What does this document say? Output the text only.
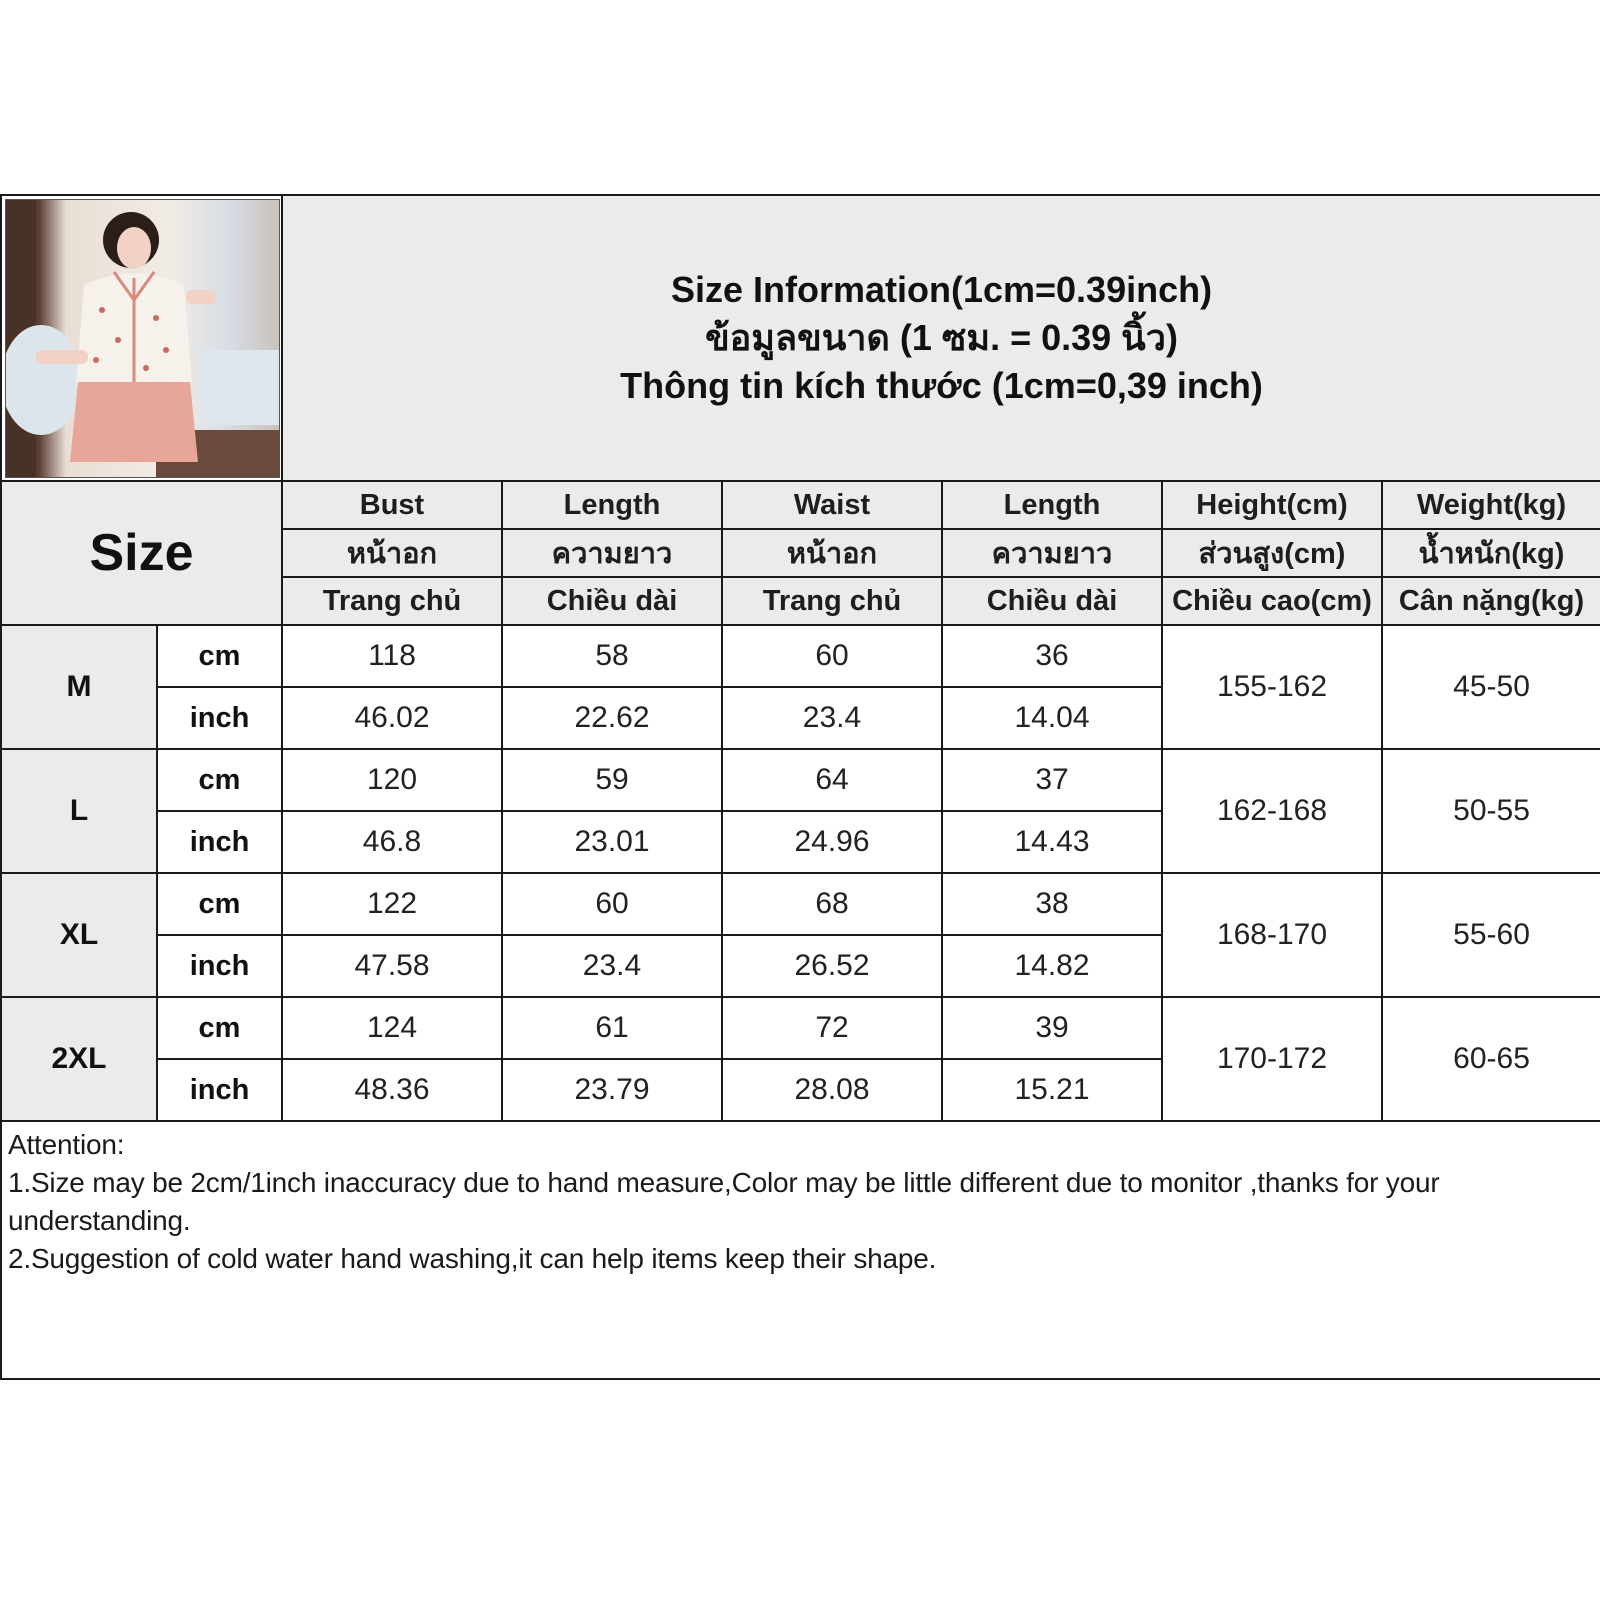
Size Information(1cm=0.39inch)
ข้อมูลขนาด (1 ซม. = 0.39 นิ้ว)
Thông tin kích thước (1cm=0,39 inch)					

Size		Bust	Length	Waist	Length	Height(cm)	Weight(kg)
		หน้าอก	ความยาว	หน้าอก	ความยาว	ส่วนสูง(cm)	น้ำหนัก(kg)
		Trang chủ	Chiều dài	Trang chủ	Chiều dài	Chiều cao(cm)	Cân nặng(kg)
M	cm	118	58	60	36	155-162	45-50
	inch	46.02	22.62	23.4	14.04		
L	cm	120	59	64	37	162-168	50-55
	inch	46.8	23.01	24.96	14.43		
XL	cm	122	60	68	38	168-170	55-60
	inch	47.58	23.4	26.52	14.82		
2XL	cm	124	61	72	39	170-172	60-65
	inch	48.36	23.79	28.08	15.21		

Attention:
1.Size may be 2cm/1inch inaccuracy due to hand measure,Color may be little different due to monitor ,thanks for your
understanding.
2.Suggestion of cold water hand washing,it can help items keep their shape.							
